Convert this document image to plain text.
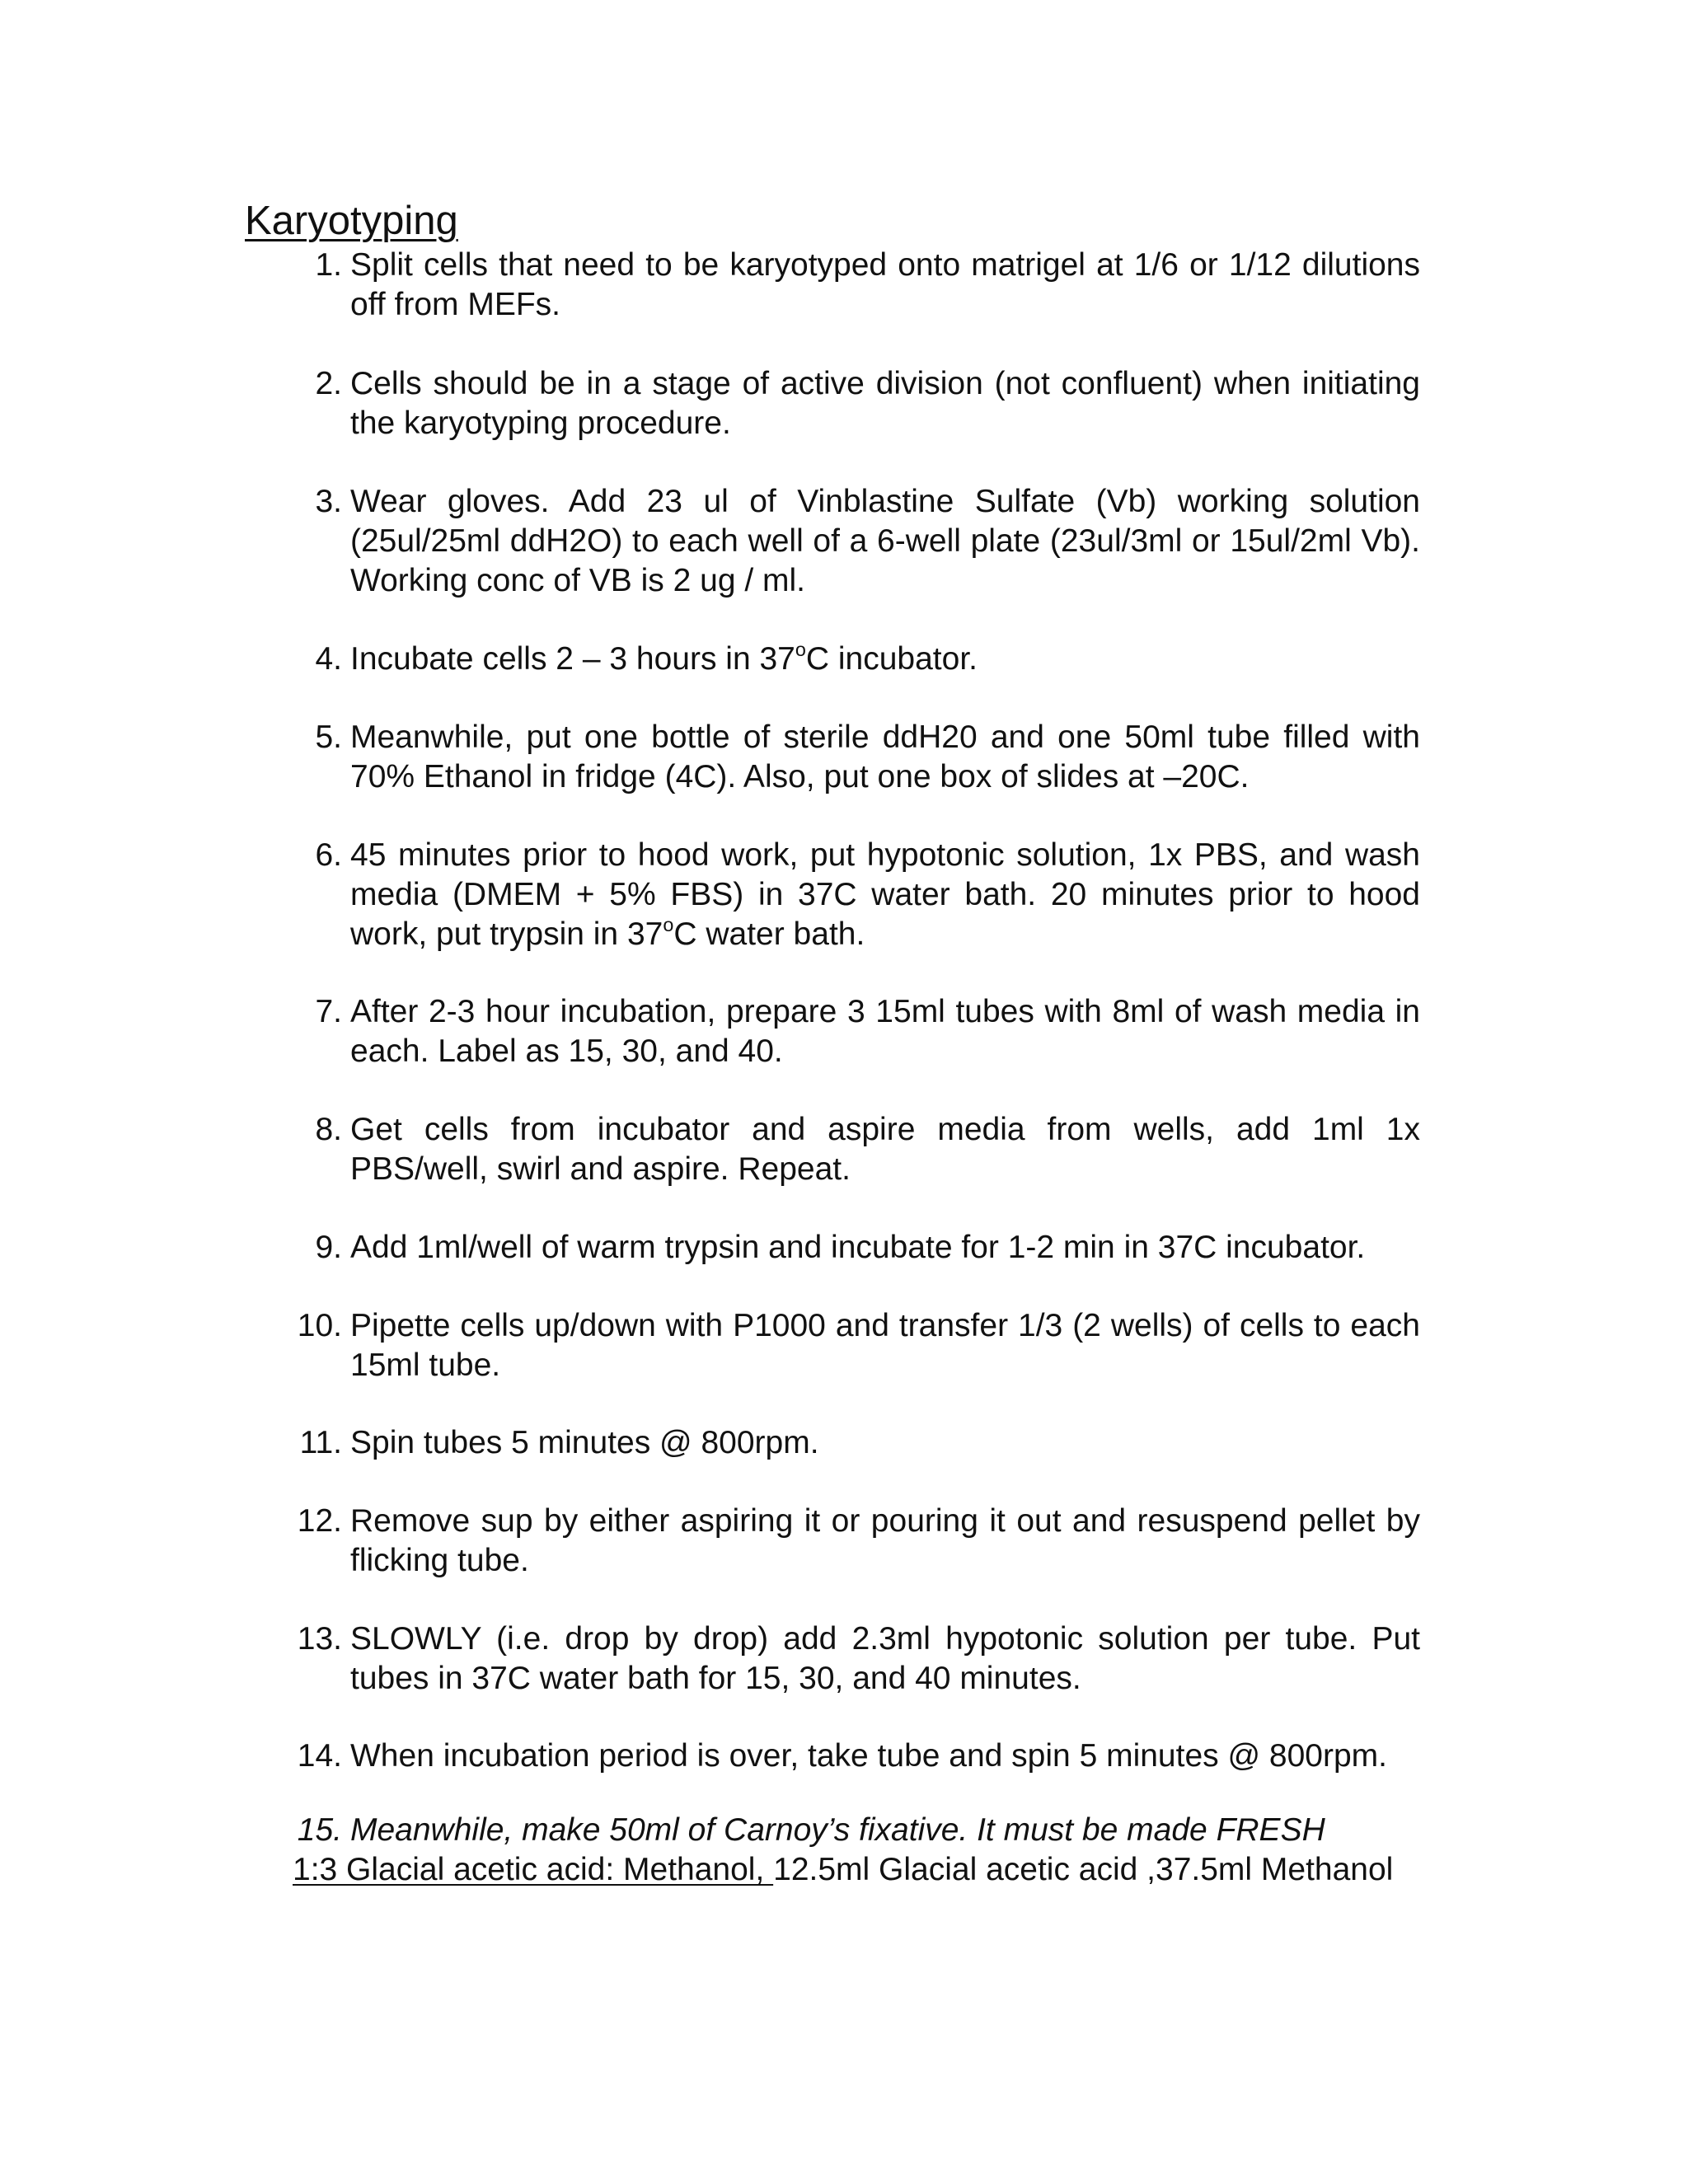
Karyotyping
1. Split cells that need to be karyotyped onto matrigel at 1/6 or 1/12 dilutions off from MEFs.
2. Cells should be in a stage of active division (not confluent) when initiating the karyotyping procedure.
3. Wear gloves. Add 23 ul of Vinblastine Sulfate (Vb) working solution (25ul/25ml ddH2O) to each well of a 6-well plate (23ul/3ml or 15ul/2ml Vb). Working conc of VB is 2 ug / ml.
4. Incubate cells 2 – 3 hours in 37$^o$C incubator.
5. Meanwhile, put one bottle of sterile ddH20 and one 50ml tube filled with 70% Ethanol in fridge (4C). Also, put one box of slides at –20C.
6. 45 minutes prior to hood work, put hypotonic solution, 1x PBS, and wash media (DMEM + 5% FBS) in 37C water bath. 20 minutes prior to hood work, put trypsin in 37$^o$C water bath.
7. After 2-3 hour incubation, prepare 3 15ml tubes with 8ml of wash media in each. Label as 15, 30, and 40.
8. Get cells from incubator and aspire media from wells, add 1ml 1x PBS/well, swirl and aspire. Repeat.
9. Add 1ml/well of warm trypsin and incubate for 1-2 min in 37C incubator.
10. Pipette cells up/down with P1000 and transfer 1/3 (2 wells) of cells to each 15ml tube.
11. Spin tubes 5 minutes @ 800rpm.
12. Remove sup by either aspiring it or pouring it out and resuspend pellet by flicking tube.
13. SLOWLY (i.e. drop by drop) add 2.3ml hypotonic solution per tube. Put tubes in 37C water bath for 15, 30, and 40 minutes.
14. When incubation period is over, take tube and spin 5 minutes @ 800rpm.
15. Meanwhile, make 50ml of Carnoy’s fixative. It must be made FRESH
1:3 Glacial acetic acid: Methanol, 12.5ml Glacial acetic acid ,37.5ml Methanol
